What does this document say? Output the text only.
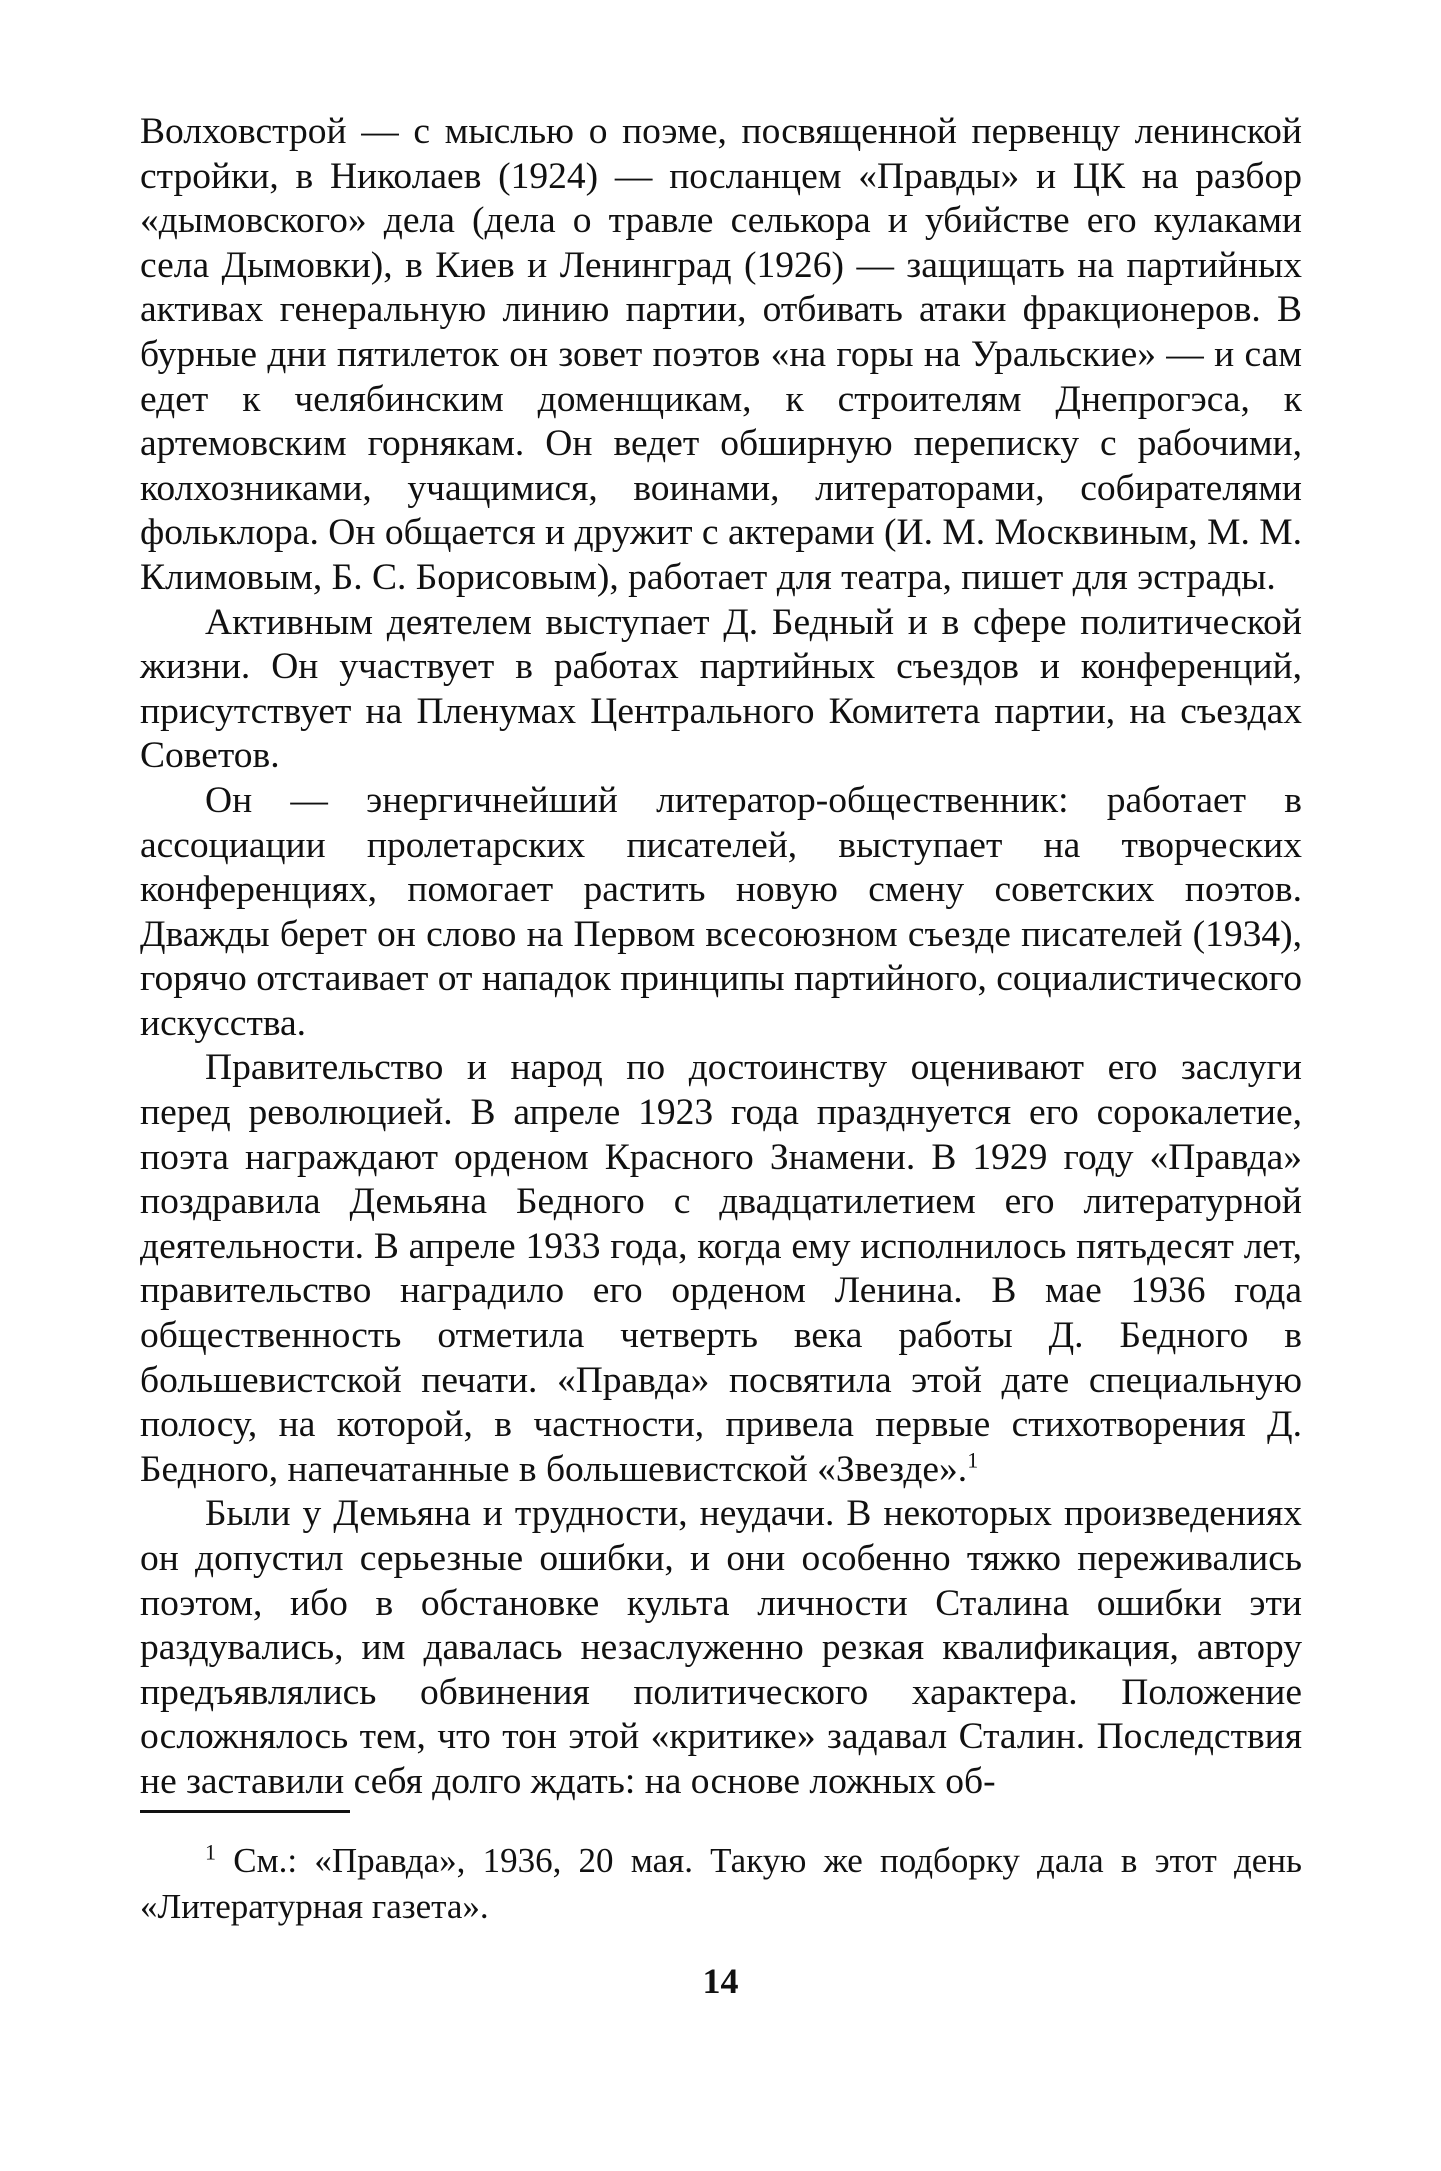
Волховстрой — с мыслью о поэме, посвященной первенцу ленинской стройки, в Николаев (1924) — посланцем «Правды» и ЦК на разбор «дымовского» дела (дела о травле селькора и убийстве его кулаками села Дымовки), в Киев и Ленинград (1926) — защищать на партийных активах генеральную линию партии, отбивать атаки фракционеров. В бурные дни пятилеток он зовет поэтов «на горы на Уральские» — и сам едет к челябинским доменщикам, к строителям Днепрогэса, к артемовским горнякам. Он ведет обширную переписку с рабочими, колхозниками, учащимися, воинами, литераторами, собирателями фольклора. Он общается и дружит с актерами (И. М. Москвиным, М. М. Климовым, Б. С. Борисовым), работает для театра, пишет для эстрады.

Активным деятелем выступает Д. Бедный и в сфере политической жизни. Он участвует в работах партийных съездов и конференций, присутствует на Пленумах Центрального Комитета партии, на съездах Советов.

Он — энергичнейший литератор-общественник: работает в ассоциации пролетарских писателей, выступает на творческих конференциях, помогает растить новую смену советских поэтов. Дважды берет он слово на Первом всесоюзном съезде писателей (1934), горячо отстаивает от нападок принципы партийного, социалистического искусства.

Правительство и народ по достоинству оценивают его заслуги перед революцией. В апреле 1923 года празднуется его сорокалетие, поэта награждают орденом Красного Знамени. В 1929 году «Правда» поздравила Демьяна Бедного с двадцатилетием его литературной деятельности. В апреле 1933 года, когда ему исполнилось пятьдесят лет, правительство наградило его орденом Ленина. В мае 1936 года общественность отметила четверть века работы Д. Бедного в большевистской печати. «Правда» посвятила этой дате специальную полосу, на которой, в частности, привела первые стихотворения Д. Бедного, напечатанные в большевистской «Звезде».$^1$

Были у Демьяна и трудности, неудачи. В некоторых произведениях он допустил серьезные ошибки, и они особенно тяжко переживались поэтом, ибо в обстановке культа личности Сталина ошибки эти раздувались, им давалась незаслуженно резкая квалификация, автору предъявлялись обвинения политического характера. Положение осложнялось тем, что тон этой «критике» задавал Сталин. Последствия не заставили себя долго ждать: на основе ложных об-

$^1$ См.: «Правда», 1936, 20 мая. Такую же подборку дала в этот день «Литературная газета».

14
